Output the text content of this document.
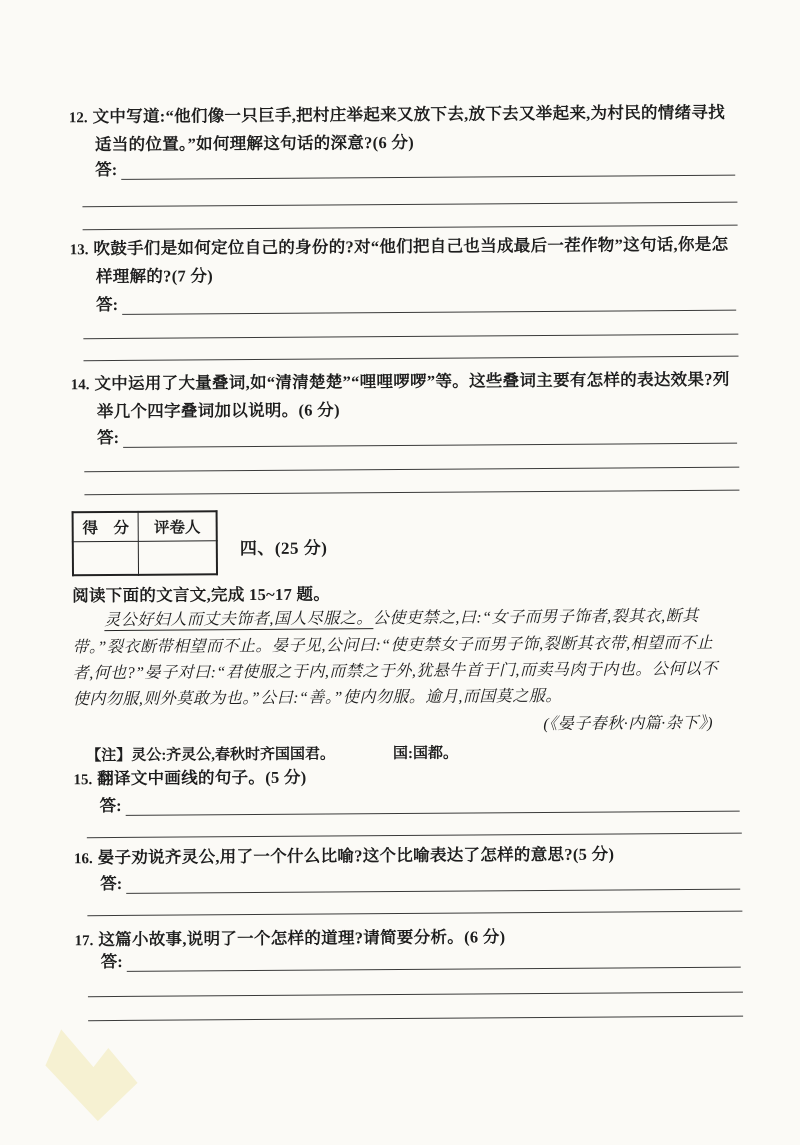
12. 文中写道:“他们像一只巨手,把村庄举起来又放下去,放下去又举起来,为村民的情绪寻找
适当的位置。”如何理解这句话的深意?(6 分)
答:
13. 吹鼓手们是如何定位自己的身份的?对“他们把自己也当成最后一茬作物”这句话,你是怎
样理解的?(7 分)
答:
14. 文中运用了大量叠词,如“清清楚楚”“哩哩啰啰”等。这些叠词主要有怎样的表达效果?列
举几个四字叠词加以说明。(6 分)
答:
得　分	评卷人

四、(25 分)
阅读下面的文言文,完成 15~17 题。
灵公好妇人而丈夫饰者,国人尽服之。公使吏禁之,曰:“女子而男子饰者,裂其衣,断其
带。”裂衣断带相望而不止。晏子见,公问曰:“使吏禁女子而男子饰,裂断其衣带,相望而不止
者,何也?”晏子对曰:“君使服之于内,而禁之于外,犹悬牛首于门,而卖马肉于内也。公何以不
使内勿服,则外莫敢为也。”公曰:“善。”使内勿服。逾月,而国莫之服。
(《晏子春秋·内篇·杂下》)
【注】灵公:齐灵公,春秋时齐国国君。	国:国都。
15. 翻译文中画线的句子。(5 分)
答:
16. 晏子劝说齐灵公,用了一个什么比喻?这个比喻表达了怎样的意思?(5 分)
答:
17. 这篇小故事,说明了一个怎样的道理?请简要分析。(6 分)
答:
